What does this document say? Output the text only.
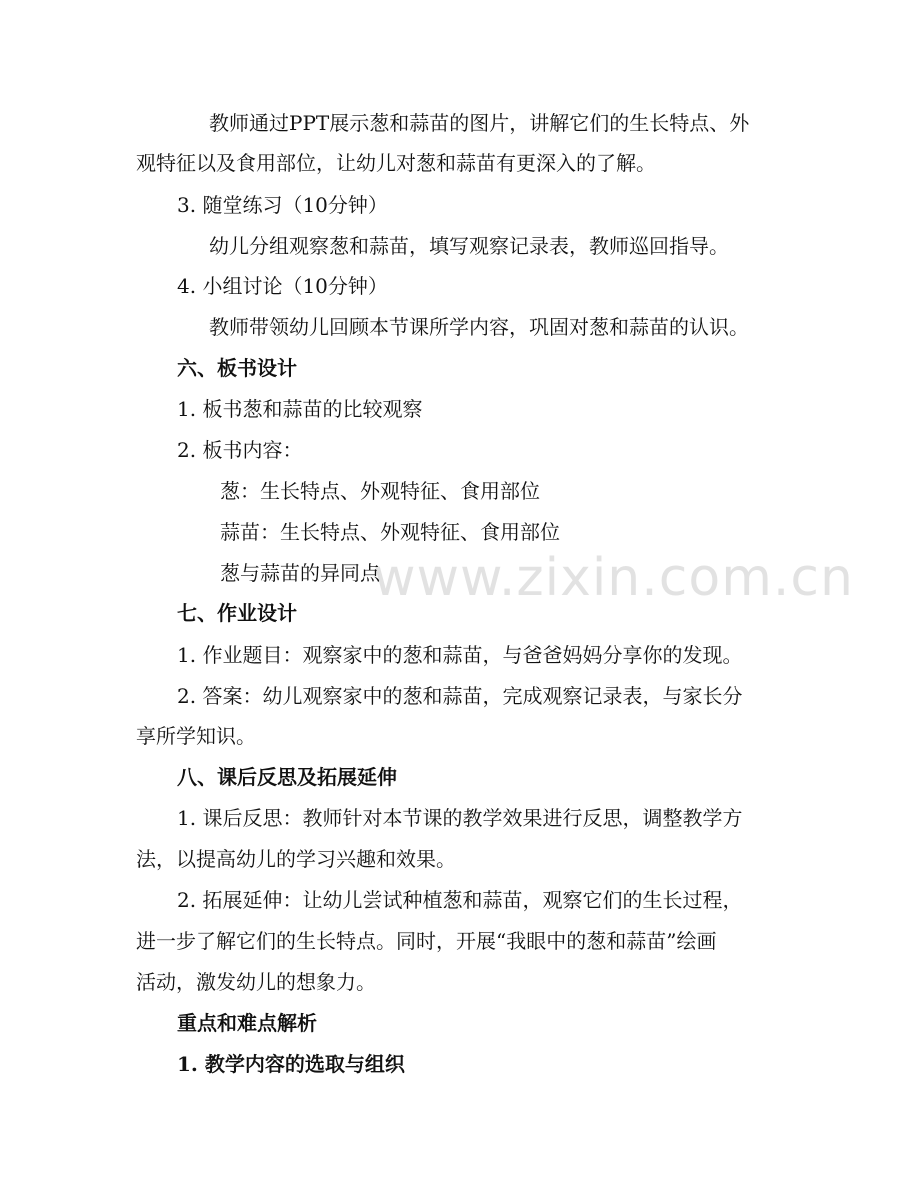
www.zixin.com.cn
教师通过PPT展示葱和蒜苗的图片，讲解它们的生长特点、外
观特征以及食用部位，让幼儿对葱和蒜苗有更深入的了解。
3. 随堂练习（10分钟）
幼儿分组观察葱和蒜苗，填写观察记录表，教师巡回指导。
4. 小组讨论（10分钟）
教师带领幼儿回顾本节课所学内容，巩固对葱和蒜苗的认识。
六、板书设计
1. 板书葱和蒜苗的比较观察
2. 板书内容：
葱：生长特点、外观特征、食用部位
蒜苗：生长特点、外观特征、食用部位
葱与蒜苗的异同点
七、作业设计
1. 作业题目：观察家中的葱和蒜苗，与爸爸妈妈分享你的发现。
2. 答案：幼儿观察家中的葱和蒜苗，完成观察记录表，与家长分
享所学知识。
八、课后反思及拓展延伸
1. 课后反思：教师针对本节课的教学效果进行反思，调整教学方
法，以提高幼儿的学习兴趣和效果。
2. 拓展延伸：让幼儿尝试种植葱和蒜苗，观察它们的生长过程，
进一步了解它们的生长特点。同时，开展“我眼中的葱和蒜苗”绘画
活动，激发幼儿的想象力。
重点和难点解析
1. 教学内容的选取与组织
